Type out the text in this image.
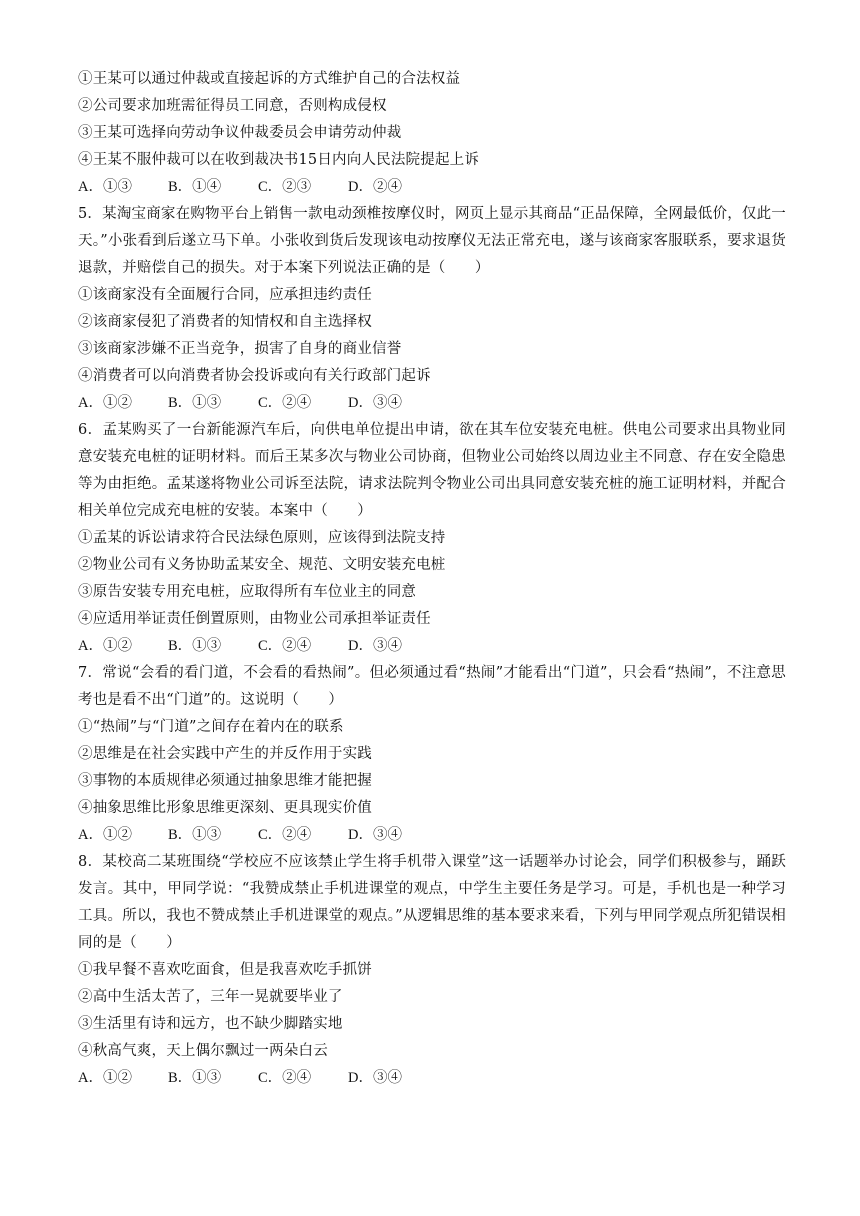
①王某可以通过仲裁或直接起诉的方式维护自己的合法权益
②公司要求加班需征得员工同意，否则构成侵权
③王某可选择向劳动争议仲裁委员会申请劳动仲裁
④王某不服仲裁可以在收到裁决书15日内向人民法院提起上诉
A．①③ B．①④	C．②③	D．②④
5．某淘宝商家在购物平台上销售一款电动颈椎按摩仪时，网页上显示其商品“正品保障，全网最低价，仅此一天。”小张看到后遂立马下单。小张收到货后发现该电动按摩仪无法正常充电，遂与该商家客服联系，要求退货退款，并赔偿自己的损失。对于本案下列说法正确的是（　　）
①该商家没有全面履行合同，应承担违约责任
②该商家侵犯了消费者的知情权和自主选择权
③该商家涉嫌不正当竞争，损害了自身的商业信誉
④消费者可以向消费者协会投诉或向有关行政部门起诉
A．①② B．①③	C．②④	D．③④
6．孟某购买了一台新能源汽车后，向供电单位提出申请，欲在其车位安装充电桩。供电公司要求出具物业同意安装充电桩的证明材料。而后王某多次与物业公司协商，但物业公司始终以周边业主不同意、存在安全隐患等为由拒绝。孟某遂将物业公司诉至法院，请求法院判令物业公司出具同意安装充桩的施工证明材料，并配合相关单位完成充电桩的安装。本案中（　　）
①孟某的诉讼请求符合民法绿色原则，应该得到法院支持
②物业公司有义务协助孟某安全、规范、文明安装充电桩
③原告安装专用充电桩，应取得所有车位业主的同意
④应适用举证责任倒置原则，由物业公司承担举证责任
A．①② B．①③	C．②④	D．③④
7．常说“会看的看门道，不会看的看热闹”。但必须通过看“热闹”才能看出“门道”，只会看“热闹”，不注意思考也是看不出“门道”的。这说明（　　）
①“热闹”与“门道”之间存在着内在的联系
②思维是在社会实践中产生的并反作用于实践
③事物的本质规律必须通过抽象思维才能把握
④抽象思维比形象思维更深刻、更具现实价值
A．①② B．①③	C．②④	D．③④
8．某校高二某班围绕“学校应不应该禁止学生将手机带入课堂”这一话题举办讨论会，同学们积极参与，踊跃发言。其中，甲同学说：“我赞成禁止手机进课堂的观点，中学生主要任务是学习。可是，手机也是一种学习工具。所以，我也不赞成禁止手机进课堂的观点。”从逻辑思维的基本要求来看，下列与甲同学观点所犯错误相同的是（　　）
①我早餐不喜欢吃面食，但是我喜欢吃手抓饼
②高中生活太苦了，三年一晃就要毕业了
③生活里有诗和远方，也不缺少脚踏实地
④秋高气爽，天上偶尔飘过一两朵白云
A．①② B．①③	C．②④	D．③④
